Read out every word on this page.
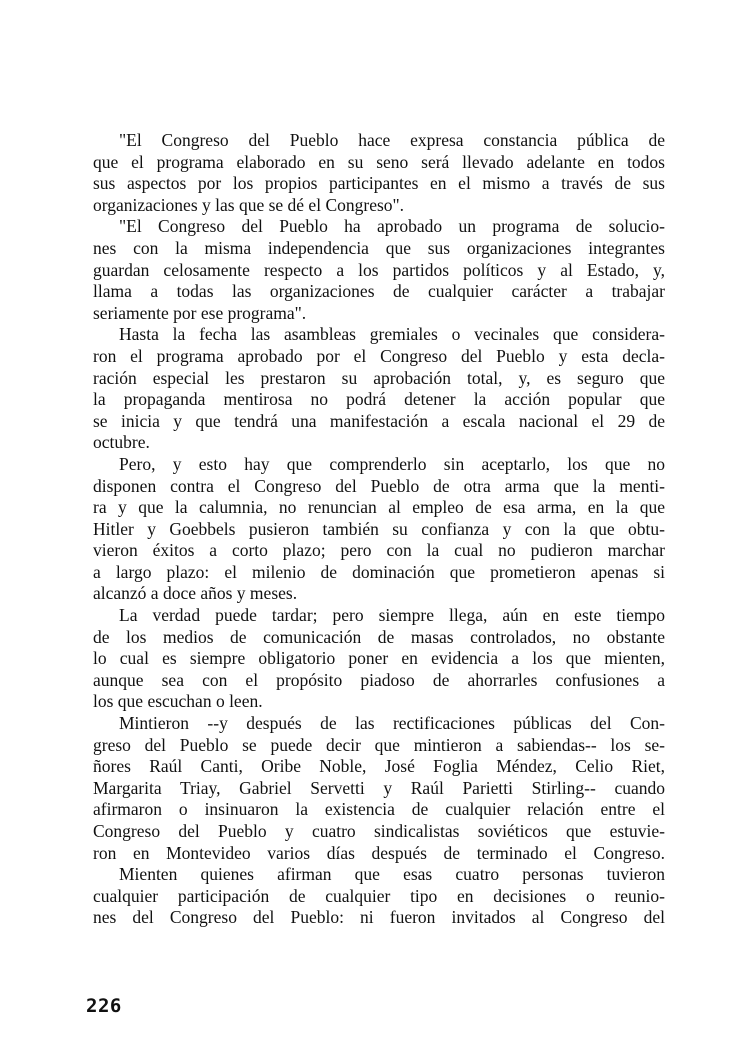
"El Congreso del Pueblo hace expresa constancia pública de
que el programa elaborado en su seno será llevado adelante en todos
sus aspectos por los propios participantes en el mismo a través de sus
organizaciones y las que se dé el Congreso".
"El Congreso del Pueblo ha aprobado un programa de solucio-
nes con la misma independencia que sus organizaciones integrantes
guardan celosamente respecto a los partidos políticos y al Estado, y,
llama a todas las organizaciones de cualquier carácter a trabajar
seriamente por ese programa".
Hasta la fecha las asambleas gremiales o vecinales que considera-
ron el programa aprobado por el Congreso del Pueblo y esta decla-
ración especial les prestaron su aprobación total, y, es seguro que
la propaganda mentirosa no podrá detener la acción popular que
se inicia y que tendrá una manifestación a escala nacional el 29 de
octubre.
Pero, y esto hay que comprenderlo sin aceptarlo, los que no
disponen contra el Congreso del Pueblo de otra arma que la menti-
ra y que la calumnia, no renuncian al empleo de esa arma, en la que
Hitler y Goebbels pusieron también su confianza y con la que obtu-
vieron éxitos a corto plazo; pero con la cual no pudieron marchar
a largo plazo: el milenio de dominación que prometieron apenas si
alcanzó a doce años y meses.
La verdad puede tardar; pero siempre llega, aún en este tiempo
de los medios de comunicación de masas controlados, no obstante
lo cual es siempre obligatorio poner en evidencia a los que mienten,
aunque sea con el propósito piadoso de ahorrarles confusiones a
los que escuchan o leen.
Mintieron --y después de las rectificaciones públicas del Con-
greso del Pueblo se puede decir que mintieron a sabiendas-- los se-
ñores Raúl Canti, Oribe Noble, José Foglia Méndez, Celio Riet,
Margarita Triay, Gabriel Servetti y Raúl Parietti Stirling-- cuando
afirmaron o insinuaron la existencia de cualquier relación entre el
Congreso del Pueblo y cuatro sindicalistas soviéticos que estuvie-
ron en Montevideo varios días después de terminado el Congreso.
Mienten quienes afirman que esas cuatro personas tuvieron
cualquier participación de cualquier tipo en decisiones o reunio-
nes del Congreso del Pueblo: ni fueron invitados al Congreso del
226
